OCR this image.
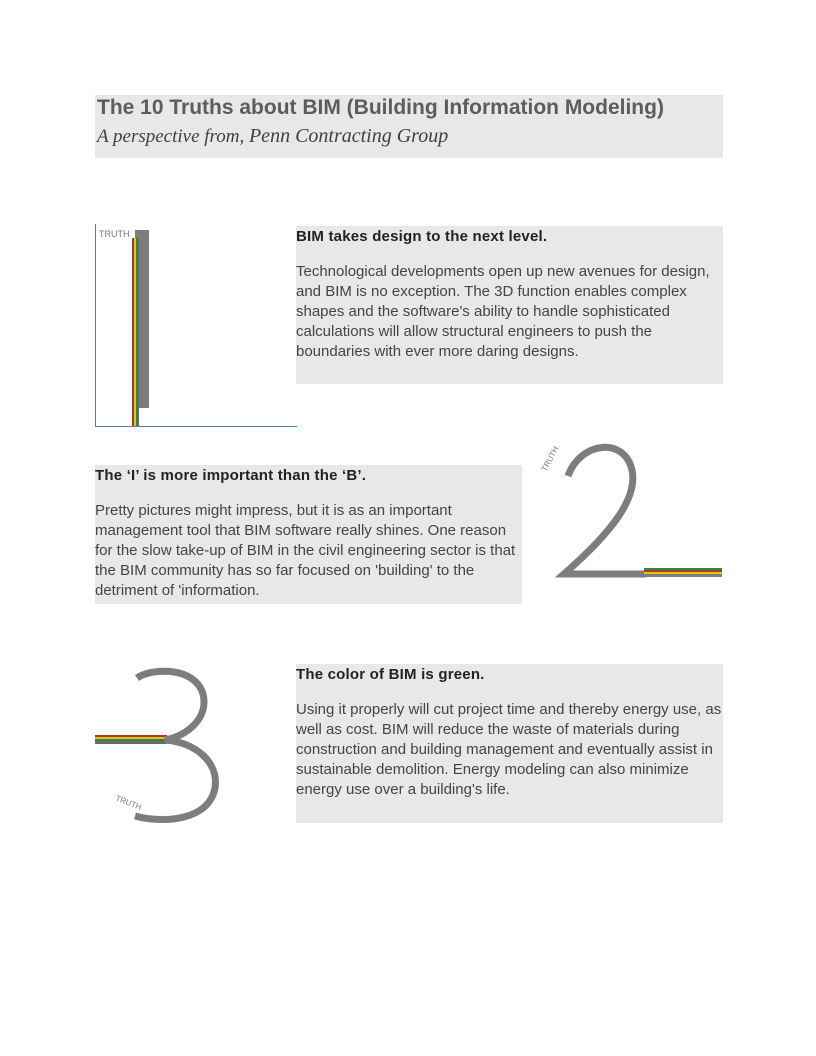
The 10 Truths about BIM (Building Information Modeling)

A perspective from, Penn Contracting Group

TRUTH	BIM takes design to the next level.

Technological developments open up new avenues for design, and BIM is no exception. The 3D function enables complex shapes and the software's ability to handle sophisticated calculations will allow structural engineers to push the boundaries with ever more daring designs.

The ‘I’ is more important than the ‘B’.

Pretty pictures might impress, but it is as an important management tool that BIM software really shines. One reason for the slow take-up of BIM in the civil engineering sector is that the BIM community has so far focused on 'building' to the detriment of 'information.

TRUTH
TRUTH

The color of BIM is green.

Using it properly will cut project time and thereby energy use, as well as cost. BIM will reduce the waste of materials during construction and building management and eventually assist in sustainable demolition. Energy modeling can also minimize energy use over a building's life.
